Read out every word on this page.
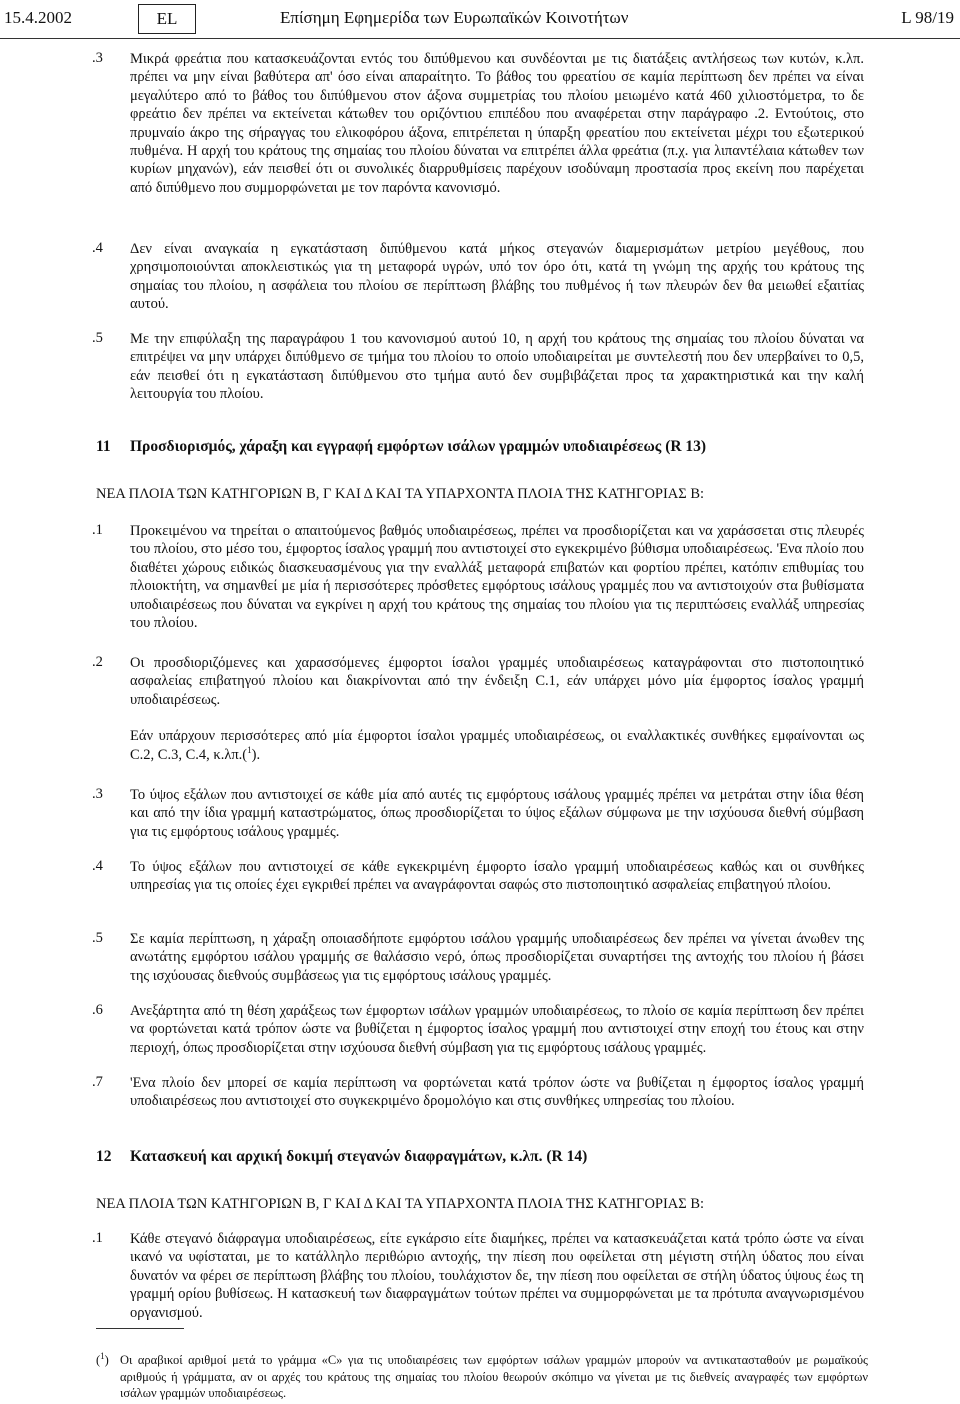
15.4.2002	EL	Επίσημη Εφημερίδα των Ευρωπαϊκών Κοινοτήτων	L 98/19
.3	Μικρά φρεάτια που κατασκευάζονται εντός του διπύθμενου και συνδέονται με τις διατάξεις αντλήσεως των κυτών, κ.λπ. πρέπει να μην είναι βαθύτερα απ' όσο είναι απαραίτητο. Το βάθος του φρεατίου σε καμία περίπτωση δεν πρέπει να είναι μεγαλύτερο από το βάθος του διπύθμενου στον άξονα συμμετρίας του πλοίου μειωμένο κατά 460 χιλιοστόμετρα, το δε φρεάτιο δεν πρέπει να εκτείνεται κάτωθεν του οριζόντιου επιπέδου που αναφέρεται στην παράγραφο .2. Εντούτοις, στο πρυμναίο άκρο της σήραγγας του ελικοφόρου άξονα, επιτρέπεται η ύπαρξη φρεατίου που εκτείνεται μέχρι του εξωτερικού πυθμένα. Η αρχή του κράτους της σημαίας του πλοίου δύναται να επιτρέπει άλλα φρεάτια (π.χ. για λιπαντέλαια κάτωθεν των κυρίων μηχανών), εάν πεισθεί ότι οι συνολικές διαρρυθμίσεις παρέχουν ισοδύναμη προστασία προς εκείνη που παρέχεται από διπύθμενο που συμμορφώνεται με τον παρόντα κανονισμό.

.4	Δεν είναι αναγκαία η εγκατάσταση διπύθμενου κατά μήκος στεγανών διαμερισμάτων μετρίου μεγέθους, που χρησιμοποιούνται αποκλειστικώς για τη μεταφορά υγρών, υπό τον όρο ότι, κατά τη γνώμη της αρχής του κράτους της σημαίας του πλοίου, η ασφάλεια του πλοίου σε περίπτωση βλάβης του πυθμένος ή των πλευρών δεν θα μειωθεί εξαιτίας αυτού.

.5	Με την επιφύλαξη της παραγράφου 1 του κανονισμού αυτού 10, η αρχή του κράτους της σημαίας του πλοίου δύναται να επιτρέψει να μην υπάρχει διπύθμενο σε τμήμα του πλοίου το οποίο υποδιαιρείται με συντελεστή που δεν υπερβαίνει το 0,5, εάν πεισθεί ότι η εγκατάσταση διπύθμενου στο τμήμα αυτό δεν συμβιβάζεται προς τα χαρακτηριστικά και την καλή λειτουργία του πλοίου.

11 Προσδιορισμός, χάραξη και εγγραφή εμφόρτων ισάλων γραμμών υποδιαιρέσεως (R 13)
ΝΕΑ ΠΛΟΙΑ ΤΩΝ ΚΑΤΗΓΟΡΙΩΝ Β, Γ ΚΑΙ Δ ΚΑΙ ΤΑ ΥΠΑΡΧΟΝΤΑ ΠΛΟΙΑ ΤΗΣ ΚΑΤΗΓΟΡΙΑΣ Β:
.1	Προκειμένου να τηρείται ο απαιτούμενος βαθμός υποδιαιρέσεως, πρέπει να προσδιορίζεται και να χαράσσεται στις πλευρές του πλοίου, στο μέσο του, έμφορτος ίσαλος γραμμή που αντιστοιχεί στο εγκεκριμένο βύθισμα υποδιαιρέσεως. 'Ενα πλοίο που διαθέτει χώρους ειδικώς διασκευασμένους για την εναλλάξ μεταφορά επιβατών και φορτίου πρέπει, κατόπιν επιθυμίας του πλοιοκτήτη, να σημανθεί με μία ή περισσότερες πρόσθετες εμφόρτους ισάλους γραμμές που να αντιστοιχούν στα βυθίσματα υποδιαιρέσεως που δύναται να εγκρίνει η αρχή του κράτους της σημαίας του πλοίου για τις περιπτώσεις εναλλάξ υπηρεσίας του πλοίου.

.2	Οι προσδιοριζόμενες και χαρασσόμενες έμφορτοι ίσαλοι γραμμές υποδιαιρέσεως καταγράφονται στο πιστοποιητικό ασφαλείας επιβατηγού πλοίου και διακρίνονται από την ένδειξη C.1, εάν υπάρχει μόνο μία έμφορτος ίσαλος γραμμή υποδιαιρέσεως.

Εάν υπάρχουν περισσότερες από μία έμφορτοι ίσαλοι γραμμές υποδιαιρέσεως, οι εναλλακτικές συνθήκες εμφαίνονται ως C.2, C.3, C.4, κ.λπ.($^1$).

.3	Το ύψος εξάλων που αντιστοιχεί σε κάθε μία από αυτές τις εμφόρτους ισάλους γραμμές πρέπει να μετράται στην ίδια θέση και από την ίδια γραμμή καταστρώματος, όπως προσδιορίζεται το ύψος εξάλων σύμφωνα με την ισχύουσα διεθνή σύμβαση για τις εμφόρτους ισάλους γραμμές.

.4	Το ύψος εξάλων που αντιστοιχεί σε κάθε εγκεκριμένη έμφορτο ίσαλο γραμμή υποδιαιρέσεως καθώς και οι συνθήκες υπηρεσίας για τις οποίες έχει εγκριθεί πρέπει να αναγράφονται σαφώς στο πιστοποιητικό ασφαλείας επιβατηγού πλοίου.

.5	Σε καμία περίπτωση, η χάραξη οποιασδήποτε εμφόρτου ισάλου γραμμής υποδιαιρέσεως δεν πρέπει να γίνεται άνωθεν της ανωτάτης εμφόρτου ισάλου γραμμής σε θαλάσσιο νερό, όπως προσδιορίζεται συναρτήσει της αντοχής του πλοίου ή βάσει της ισχύουσας διεθνούς συμβάσεως για τις εμφόρτους ισάλους γραμμές.

.6	Ανεξάρτητα από τη θέση χαράξεως των έμφορτων ισάλων γραμμών υποδιαιρέσεως, το πλοίο σε καμία περίπτωση δεν πρέπει να φορτώνεται κατά τρόπον ώστε να βυθίζεται η έμφορτος ίσαλος γραμμή που αντιστοιχεί στην εποχή του έτους και στην περιοχή, όπως προσδιορίζεται στην ισχύουσα διεθνή σύμβαση για τις εμφόρτους ισάλους γραμμές.

.7	'Ενα πλοίο δεν μπορεί σε καμία περίπτωση να φορτώνεται κατά τρόπον ώστε να βυθίζεται η έμφορτος ίσαλος γραμμή υποδιαιρέσεως που αντιστοιχεί στο συγκεκριμένο δρομολόγιο και στις συνθήκες υπηρεσίας του πλοίου.

12 Κατασκευή και αρχική δοκιμή στεγανών διαφραγμάτων, κ.λπ. (R 14)
ΝΕΑ ΠΛΟΙΑ ΤΩΝ ΚΑΤΗΓΟΡΙΩΝ Β, Γ ΚΑΙ Δ ΚΑΙ ΤΑ ΥΠΑΡΧΟΝΤΑ ΠΛΟΙΑ ΤΗΣ ΚΑΤΗΓΟΡΙΑΣ Β:
.1	Κάθε στεγανό διάφραγμα υποδιαιρέσεως, είτε εγκάρσιο είτε διαμήκες, πρέπει να κατασκευάζεται κατά τρόπο ώστε να είναι ικανό να υφίσταται, με το κατάλληλο περιθώριο αντοχής, την πίεση που οφείλεται στη μέγιστη στήλη ύδατος που είναι δυνατόν να φέρει σε περίπτωση βλάβης του πλοίου, τουλάχιστον δε, την πίεση που οφείλεται σε στήλη ύδατος ύψους έως τη γραμμή ορίου βυθίσεως. Η κατασκευή των διαφραγμάτων τούτων πρέπει να συμμορφώνεται με τα πρότυπα αναγνωρισμένου οργανισμού.

($^1$) Οι αραβικοί αριθμοί μετά το γράμμα «C» για τις υποδιαιρέσεις των εμφόρτων ισάλων γραμμών μπορούν να αντικατασταθούν με ρωμαϊκούς αριθμούς ή γράμματα, αν οι αρχές του κράτους της σημαίας του πλοίου θεωρούν σκόπιμο να γίνεται με τις διεθνείς αναγραφές των εμφόρτων ισάλων γραμμών υποδιαιρέσεως.
